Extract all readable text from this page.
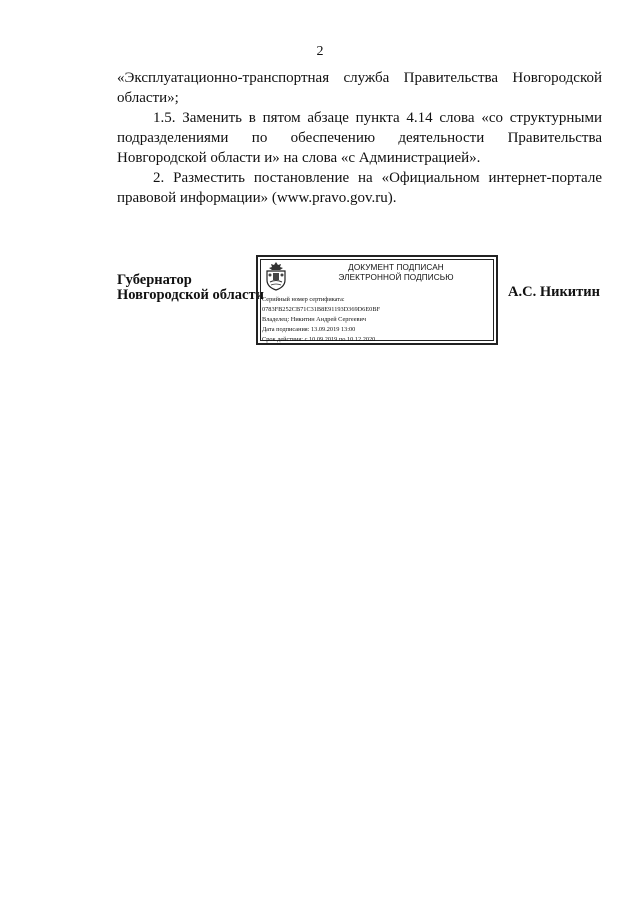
2

«Эксплуатационно-транспортная служба Правительства Новгородской области»;

1.5. Заменить в пятом абзаце пункта 4.14 слова «со структурными подразделениями по обеспечению деятельности Правительства Новгородской области и» на слова «с Администрацией».

2. Разместить постановление на «Официальном интернет-портале правовой информации» (www.pravo.gov.ru).

Губернатор
Новгородской области
ДОКУМЕНТ ПОДПИСАН
ЭЛЕКТРОННОЙ ПОДПИСЬЮ
Серийный номер сертификата:
0783FB252CB71C31B8E91193D369D6E0BF
Владелец: Никитин Андрей Сергеевич
Дата подписания: 13.09.2019 13:00
Срок действия: с 10.09.2019 по 10.12.2020
А.С. Никитин
